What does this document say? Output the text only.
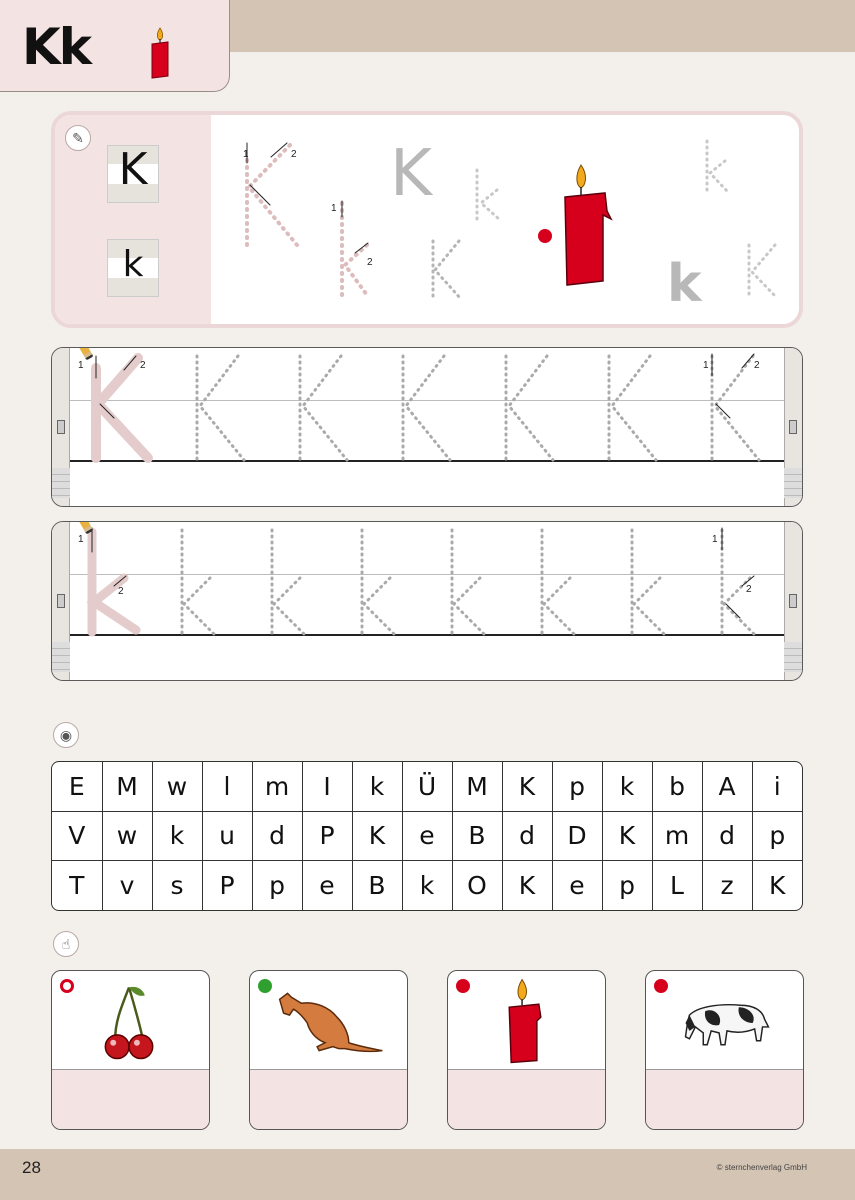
Kk
✎
K
k
K
k
1	2
1
2
1	2	1	2
1
2
1
2
◉
E	M	w	l	m	I	k	Ü	M	K	p	k	b	A	i
V	w	k	u	d	P	K	e	B	d	D	K	m	d	p
T	v	s	P	p	e	B	k	O	K	e	p	L	z	K
☝
28	© sternchenverlag GmbH
